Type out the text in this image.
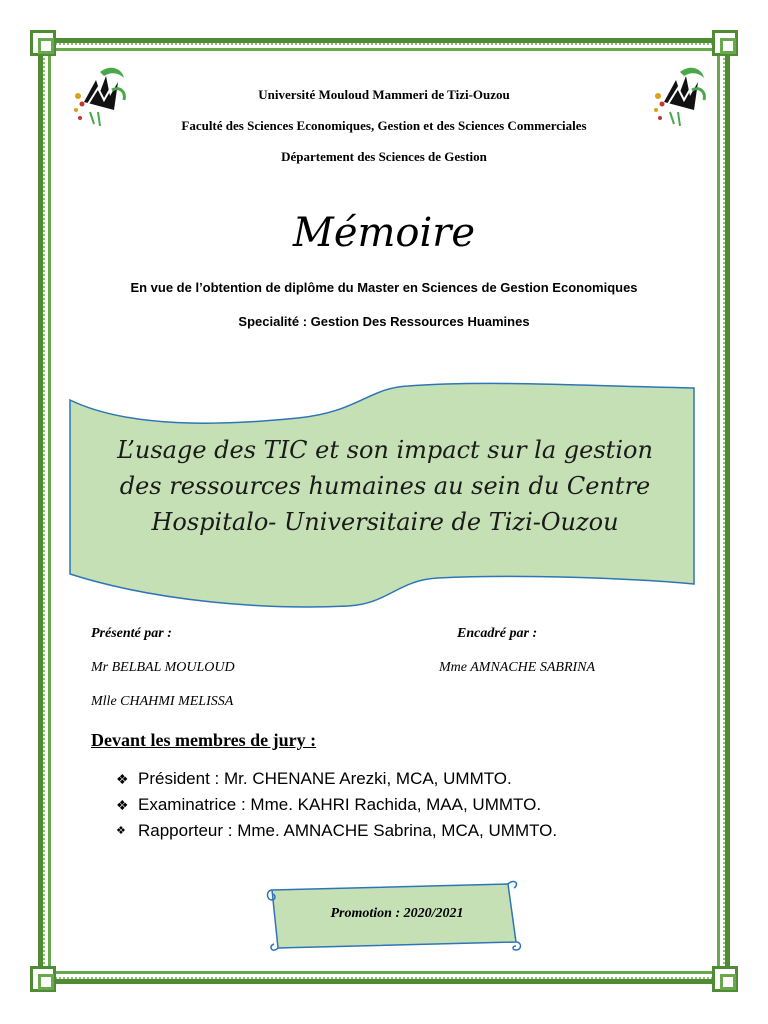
Université Mouloud Mammeri de Tizi-Ouzou
Faculté des Sciences Economiques, Gestion et des Sciences Commerciales
Département des Sciences de Gestion
Mémoire
En vue de l’obtention de diplôme du Master en Sciences de Gestion Economiques
Specialité : Gestion Des Ressources Huamines
L’usage des TIC et son impact sur la gestion
des ressources humaines au sein du Centre
Hospitalo- Universitaire de Tizi-Ouzou
Présenté par :	Encadré par :
Mr BELBAL MOULOUD	Mme AMNACHE SABRINA
Mlle CHAHMI MELISSA
Devant les membres de jury :
❖ Président : Mr. CHENANE Arezki, MCA, UMMTO.
❖ Examinatrice : Mme. KAHRI Rachida, MAA, UMMTO.
❖ Rapporteur : Mme. AMNACHE Sabrina, MCA, UMMTO.
Promotion : 2020/2021
